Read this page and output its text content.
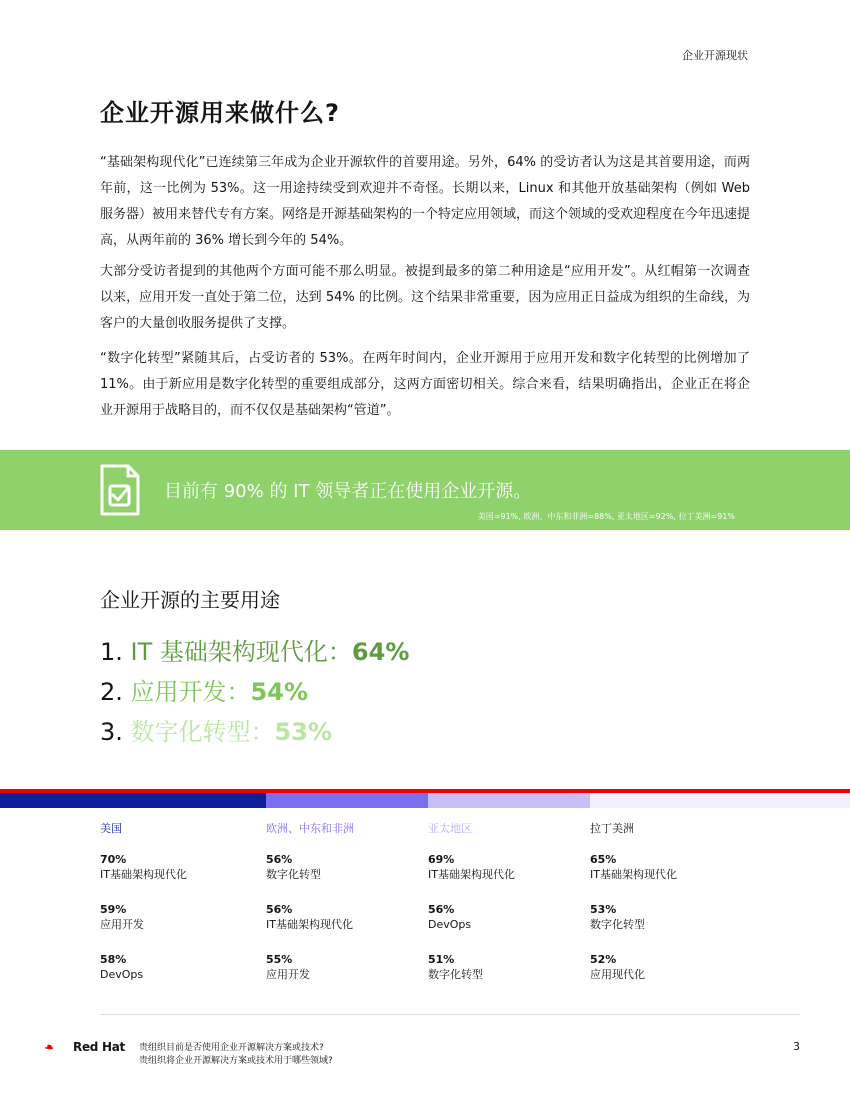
企业开源现状
企业开源用来做什么?

“基础架构现代化”已连续第三年成为企业开源软件的首要用途。另外，64% 的受访者认为这是其首要用途，而两年前，这一比例为 53%。这一用途持续受到欢迎并不奇怪。长期以来，Linux 和其他开放基础架构（例如 Web 服务器）被用来替代专有方案。网络是开源基础架构的一个特定应用领域，而这个领域的受欢迎程度在今年迅速提高，从两年前的 36% 增长到今年的 54%。

大部分受访者提到的其他两个方面可能不那么明显。被提到最多的第二种用途是“应用开发”。从红帽第一次调查以来，应用开发一直处于第二位，达到 54% 的比例。这个结果非常重要，因为应用正日益成为组织的生命线，为客户的大量创收服务提供了支撑。

“数字化转型”紧随其后，占受访者的 53%。在两年时间内，企业开源用于应用开发和数字化转型的比例增加了 11%。由于新应用是数字化转型的重要组成部分，这两方面密切相关。综合来看，结果明确指出，企业正在将企业开源用于战略目的，而不仅仅是基础架构“管道”。

目前有 90% 的 IT 领导者正在使用企业开源。
美国=91%, 欧洲、中东和非洲=88%, 亚太地区=92%, 拉丁美洲=91%
企业开源的主要用途

1. IT 基础架构现代化：64%

2. 应用开发：54%

3. 数字化转型：53%

美国
70%
IT基础架构现代化
59%
应用开发
58%
DevOps
欧洲、中东和非洲
56%
数字化转型
56%
IT基础架构现代化
55%
应用开发
亚太地区
69%
IT基础架构现代化
56%
DevOps
51%
数字化转型
拉丁美洲
65%
IT基础架构现代化
53%
数字化转型
52%
应用现代化
Red Hat 贵组织目前是否使用企业开源解决方案或技术?
贵组织将企业开源解决方案或技术用于哪些领域?
3
